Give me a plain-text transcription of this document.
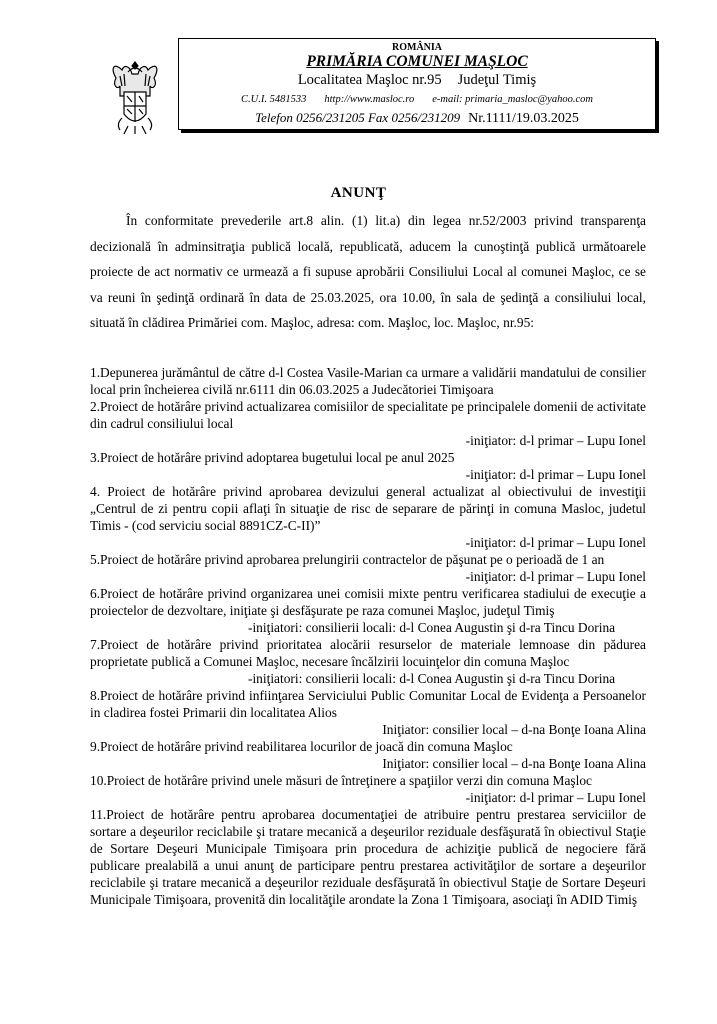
ROMÂNIA
PRIMĂRIA COMUNEI MAŞLOC
Localitatea Maşloc nr.95 Judeţul Timiş
C.U.I. 5481533 http://www.masloc.ro e-mail: primaria_masloc@yahoo.com
Telefon 0256/231205 Fax 0256/231209 Nr.1111/19.03.2025
ANUNŢ
În conformitate prevederile art.8 alin. (1) lit.a) din legea nr.52/2003 privind transparenţa decizională în adminsitraţia publică locală, republicată, aducem la cunoştinţă publică următoarele proiecte de act normativ ce urmează a fi supuse aprobării Consiliului Local al comunei Maşloc, ce se va reuni în şedinţă ordinară în data de 25.03.2025, ora 10.00, în sala de şedinţă a consiliului local, situată în clădirea Primăriei com. Maşloc, adresa: com. Maşloc, loc. Maşloc, nr.95:

1.Depunerea jurământul de către d-l Costea Vasile-Marian ca urmare a validării mandatului de consilier local prin încheierea civilă nr.6111 din 06.03.2025 a Judecătoriei Timişoara

2.Proiect de hotărâre privind actualizarea comisiilor de specialitate pe principalele domenii de activitate din cadrul consiliului local

-iniţiator: d-l primar – Lupu Ionel

3.Proiect de hotărâre privind adoptarea bugetului local pe anul 2025

-iniţiator: d-l primar – Lupu Ionel

4. Proiect de hotărâre privind aprobarea devizului general actualizat al obiectivului de investiţii „Centrul de zi pentru copii aflaţi în situaţie de risc de separare de părinţi in comuna Masloc, judetul Timis - (cod serviciu social 8891CZ-C-II)”

-iniţiator: d-l primar – Lupu Ionel

5.Proiect de hotărâre privind aprobarea prelungirii contractelor de păşunat pe o perioadă de 1 an

-iniţiator: d-l primar – Lupu Ionel

6.Proiect de hotărâre privind organizarea unei comisii mixte pentru verificarea stadiului de execuţie a proiectelor de dezvoltare, iniţiate şi desfăşurate pe raza comunei Maşloc, judeţul Timiş

-iniţiatori: consilierii locali: d-l Conea Augustin şi d-ra Tincu Dorina

7.Proiect de hotărâre privind prioritatea alocării resurselor de materiale lemnoase din pădurea proprietate publică a Comunei Maşloc, necesare încălzirii locuinţelor din comuna Maşloc

-iniţiatori: consilierii locali: d-l Conea Augustin şi d-ra Tincu Dorina

8.Proiect de hotărâre privind infiinţarea Serviciului Public Comunitar Local de Evidenţa a Persoanelor in cladirea fostei Primarii din localitatea Alios

Iniţiator: consilier local – d-na Bonţe Ioana Alina

9.Proiect de hotărâre privind reabilitarea locurilor de joacă din comuna Maşloc

Iniţiator: consilier local – d-na Bonţe Ioana Alina

10.Proiect de hotărâre privind unele măsuri de întreţinere a spaţiilor verzi din comuna Maşloc

-iniţiator: d-l primar – Lupu Ionel

11.Proiect de hotărâre pentru aprobarea documentaţiei de atribuire pentru prestarea serviciilor de sortare a deşeurilor reciclabile şi tratare mecanică a deşeurilor reziduale desfăşurată în obiectivul Staţie de Sortare Deşeuri Municipale Timişoara prin procedura de achiziţie publică de negociere fără publicare prealabilă a unui anunţ de participare pentru prestarea activităţilor de sortare a deşeurilor reciclabile şi tratare mecanică a deşeurilor reziduale desfăşurată în obiectivul Staţie de Sortare Deşeuri Municipale Timişoara, provenită din localităţile arondate la Zona 1 Timişoara, asociaţi în ADID Timiş
